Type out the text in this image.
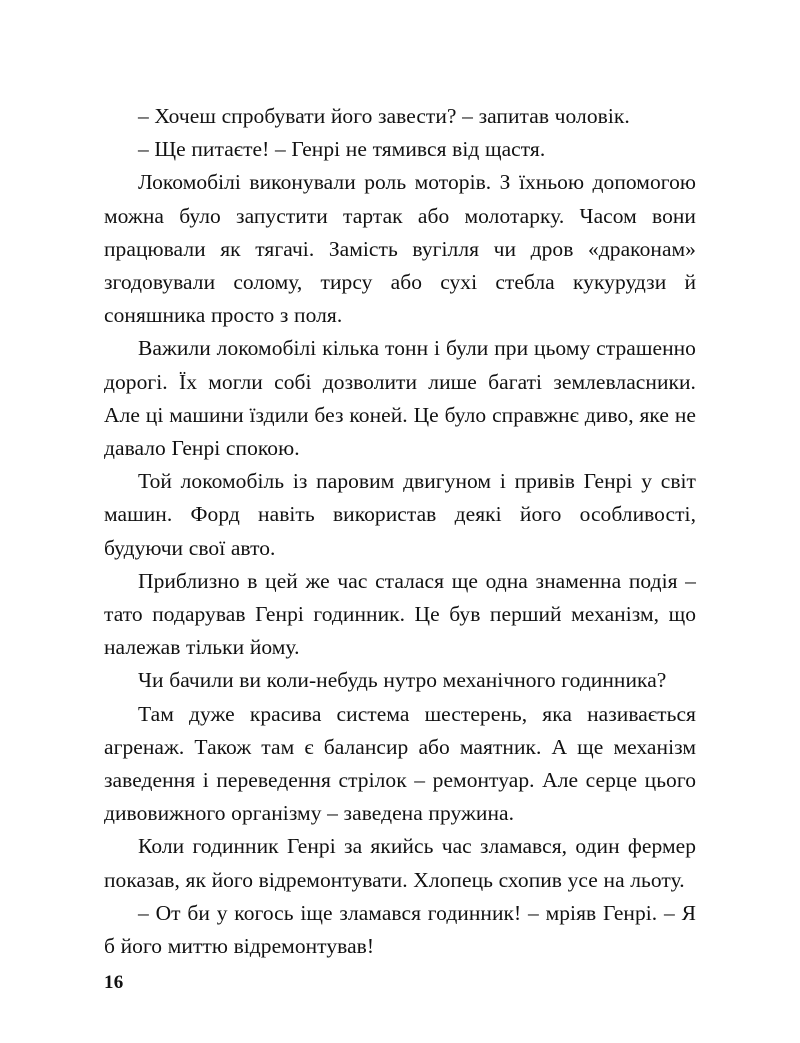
– Хочеш спробувати його завести? – запитав чоловік.

– Ще питаєте! – Генрі не тямився від щастя.

Локомобілі виконували роль моторів. З їхньою допомогою можна було запустити тартак або молотарку. Часом вони працювали як тягачі. Замість вугілля чи дров «драконам» згодовували солому, тирсу або сухі стебла кукурудзи й соняшника просто з поля.

Важили локомобілі кілька тонн і були при цьому страшенно дорогі. Їх могли собі дозволити лише багаті землевласники. Але ці машини їздили без коней. Це було справжнє диво, яке не давало Генрі спокою.

Той локомобіль із паровим двигуном і привів Генрі у світ машин. Форд навіть використав деякі його особливості, будуючи свої авто.

Приблизно в цей же час сталася ще одна знаменна подія – тато подарував Генрі годинник. Це був перший механізм, що належав тільки йому.

Чи бачили ви коли-небудь нутро механічного годинника?

Там дуже красива система шестерень, яка називається агренаж. Також там є балансир або маятник. А ще механізм заведення і переведення стрілок – ремонтуар. Але серце цього дивовижного організму – заведена пружина.

Коли годинник Генрі за якийсь час зламався, один фермер показав, як його відремонтувати. Хлопець схопив усе на льоту.

– От би у когось іще зламався годинник! – мріяв Генрі. – Я б його миттю відремонтував!

16
